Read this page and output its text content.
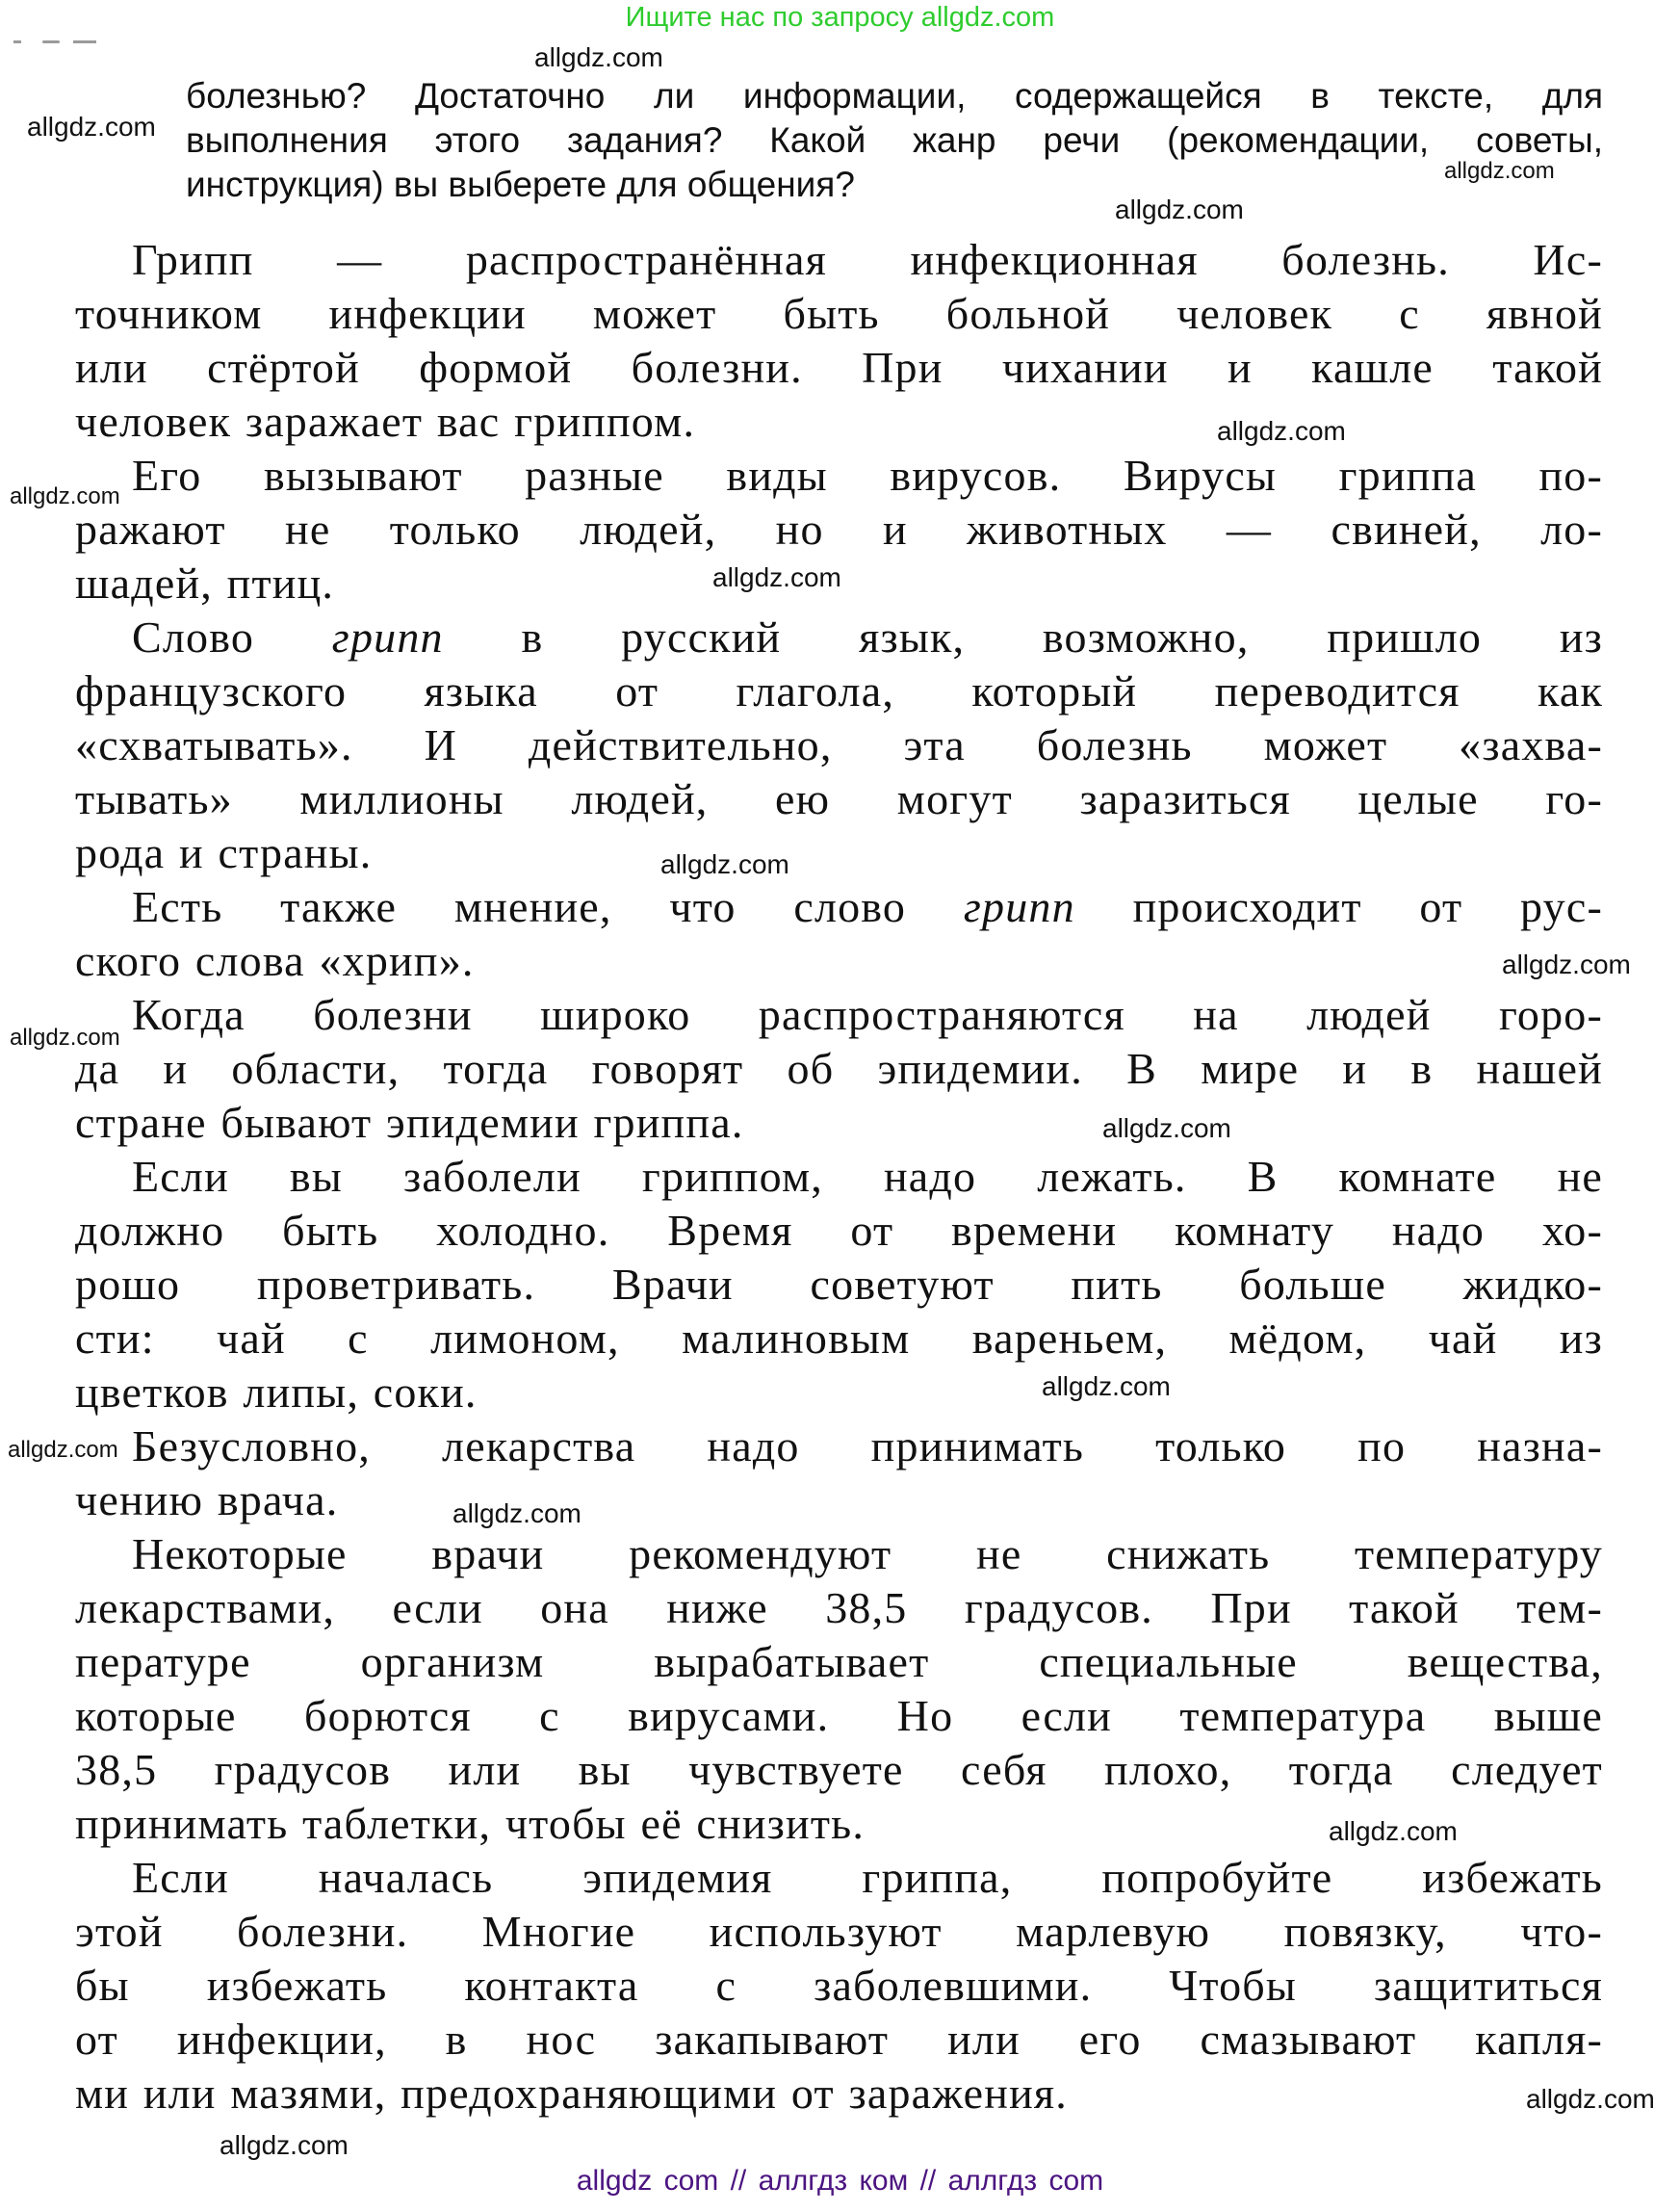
Ищите нас по запросу allgdz.com
болезнью? Достаточно ли информации, содержащейся в тексте, для
выполнения этого задания? Какой жанр речи (рекомендации, советы,
инструкция) вы выберете для общения?
Грипп — распространённая инфекционная болезнь. Ис-
точником инфекции может быть больной человек с явной
или стёртой формой болезни. При чихании и кашле такой
человек заражает вас гриппом.
Его вызывают разные виды вирусов. Вирусы гриппа по-
ражают не только людей, но и животных — свиней, ло-
шадей, птиц.
Слово грипп в русский язык, возможно, пришло из
французского языка от глагола, который переводится как
«схватывать». И действительно, эта болезнь может «захва-
тывать» миллионы людей, ею могут заразиться целые го-
рода и страны.
Есть также мнение, что слово грипп происходит от рус-
ского слова «хрип».
Когда болезни широко распространяются на людей горо-
да и области, тогда говорят об эпидемии. В мире и в нашей
стране бывают эпидемии гриппа.
Если вы заболели гриппом, надо лежать. В комнате не
должно быть холодно. Время от времени комнату надо хо-
рошо проветривать. Врачи советуют пить больше жидко-
сти: чай с лимоном, малиновым вареньем, мёдом, чай из
цветков липы, соки.
Безусловно, лекарства надо принимать только по назна-
чению врача.
Некоторые врачи рекомендуют не снижать температуру
лекарствами, если она ниже 38,5 градусов. При такой тем-
пературе организм вырабатывает специальные вещества,
которые борются с вирусами. Но если температура выше
38,5 градусов или вы чувствуете себя плохо, тогда следует
принимать таблетки, чтобы её снизить.
Если началась эпидемия гриппа, попробуйте избежать
этой болезни. Многие используют марлевую повязку, что-
бы избежать контакта с заболевшими. Чтобы защититься
от инфекции, в нос закапывают или его смазывают капля-
ми или мазями, предохраняющими от заражения.
allgdz.com
allgdz.com
allgdz.com
allgdz.com
allgdz.com
allgdz.com
allgdz.com
allgdz.com
allgdz.com
allgdz.com
allgdz.com
allgdz.com
allgdz.com
allgdz.com
allgdz.com
allgdz.com
allgdz.com
allgdz com // аллгдз ком // аллгдз com
